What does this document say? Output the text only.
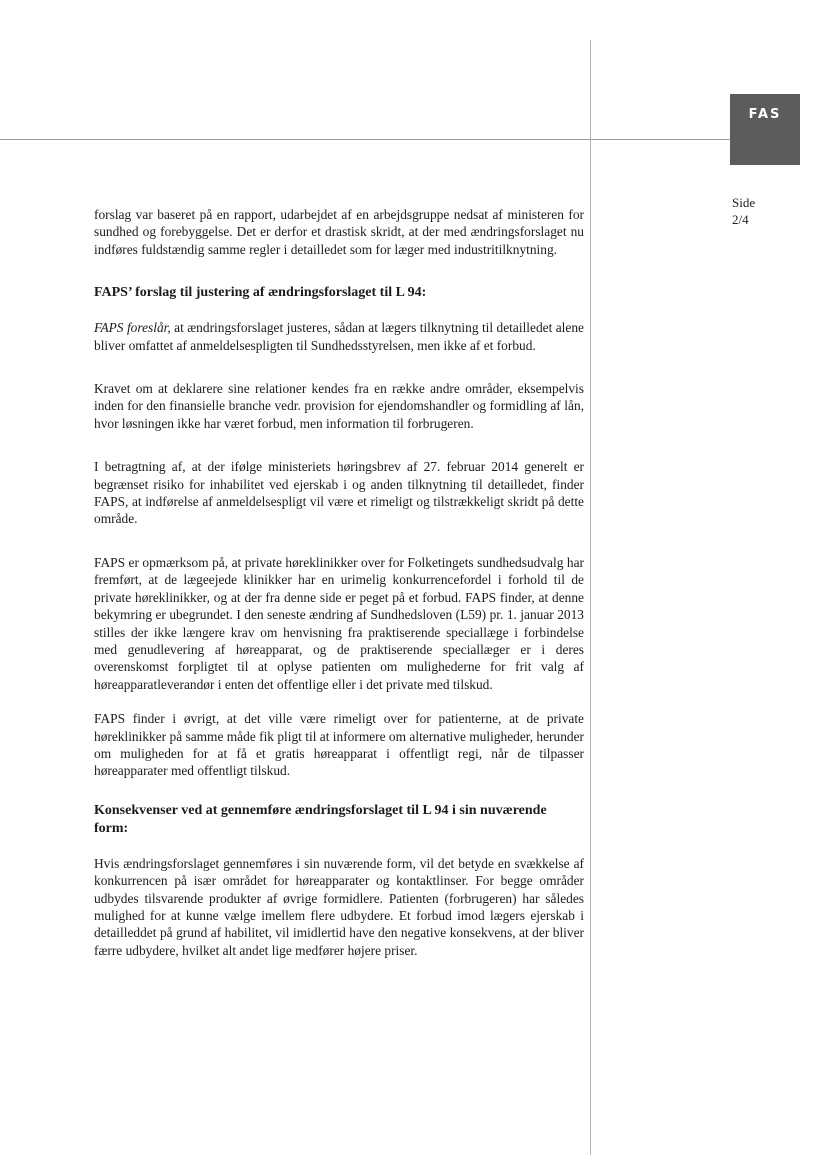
FAS
Side
2/4

forslag var baseret på en rapport, udarbejdet af en arbejdsgruppe nedsat af ministeren for sundhed og forebyggelse. Det er derfor et drastisk skridt, at der med ændringsforslaget nu indføres fuldstændig samme regler i detailledet som for læger med industritilknytning.

FAPS’ forslag til justering af ændringsforslaget til L 94:

FAPS foreslår, at ændringsforslaget justeres, sådan at lægers tilknytning til detailledet alene bliver omfattet af anmeldelsespligten til Sundhedsstyrelsen, men ikke af et forbud.

Kravet om at deklarere sine relationer kendes fra en række andre områder, eksempelvis inden for den finansielle branche vedr. provision for ejendomshandler og formidling af lån, hvor løsningen ikke har været forbud, men information til forbrugeren.

I betragtning af, at der ifølge ministeriets høringsbrev af 27. februar 2014 generelt er begrænset risiko for inhabilitet ved ejerskab i og anden tilknytning til detailledet, finder FAPS, at indførelse af anmeldelsespligt vil være et rimeligt og tilstrækkeligt skridt på dette område.

FAPS er opmærksom på, at private høreklinikker over for Folketingets sundhedsudvalg har fremført, at de lægeejede klinikker har en urimelig konkurrencefordel i forhold til de private høreklinikker, og at der fra denne side er peget på et forbud. FAPS finder, at denne bekymring er ubegrundet. I den seneste ændring af Sundhedsloven (L59) pr. 1. januar 2013 stilles der ikke længere krav om henvisning fra praktiserende speciallæge i forbindelse med genudlevering af høreapparat, og de praktiserende speciallæger er i deres overenskomst forpligtet til at oplyse patienten om mulighederne for frit valg af høreapparatleverandør i enten det offentlige eller i det private med tilskud.

FAPS finder i øvrigt, at det ville være rimeligt over for patienterne, at de private høreklinikker på samme måde fik pligt til at informere om alternative muligheder, herunder om muligheden for at få et gratis høreapparat i offentligt regi, når de tilpasser høreapparater med offentligt tilskud.

Konsekvenser ved at gennemføre ændringsforslaget til L 94 i sin nuværende form:

Hvis ændringsforslaget gennemføres i sin nuværende form, vil det betyde en svækkelse af konkurrencen på især området for høreapparater og kontaktlinser. For begge områder udbydes tilsvarende produkter af øvrige formidlere. Patienten (forbrugeren) har således mulighed for at kunne vælge imellem flere udbydere. Et forbud imod lægers ejerskab i detailleddet på grund af habilitet, vil imidlertid have den negative konsekvens, at der bliver færre udbydere, hvilket alt andet lige medfører højere priser.
